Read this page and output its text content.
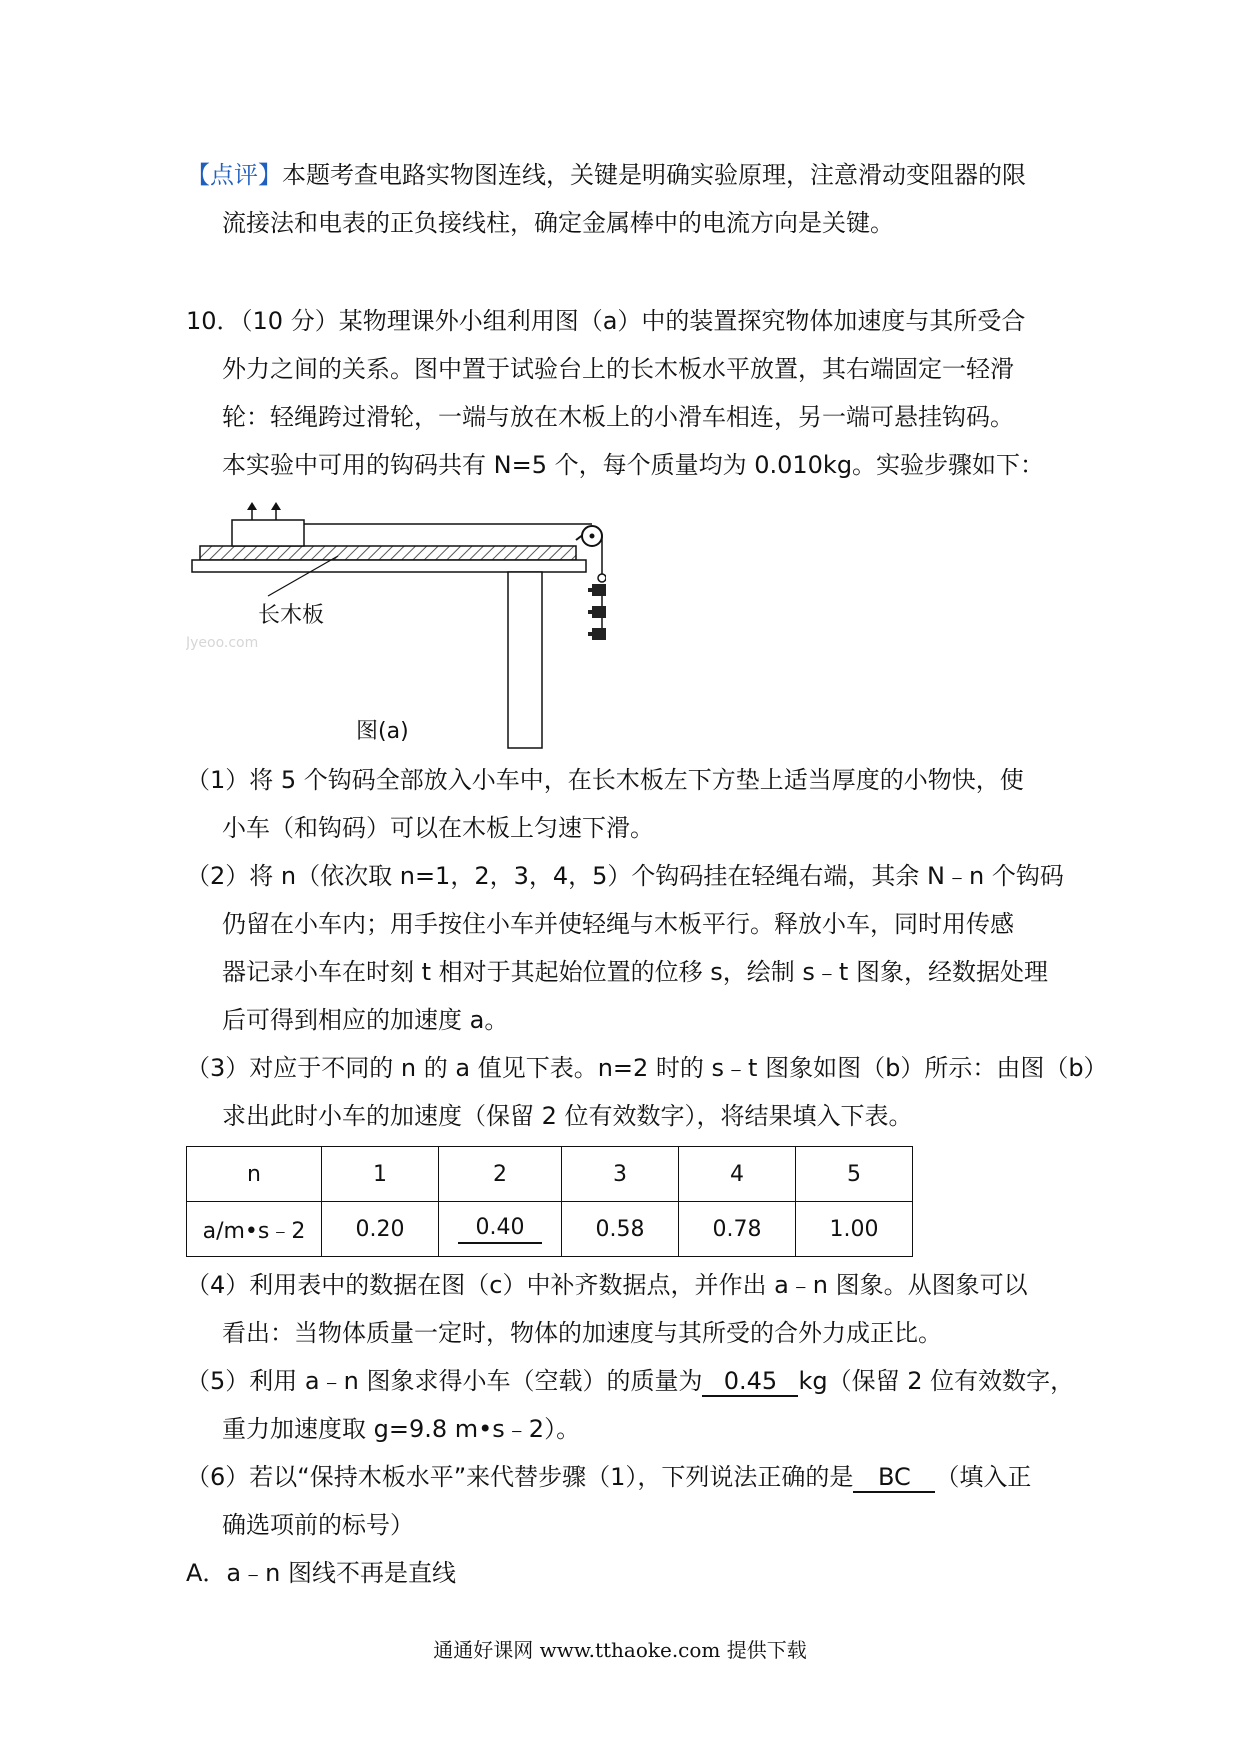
【点评】本题考查电路实物图连线，关键是明确实验原理，注意滑动变阻器的限
流接法和电表的正负接线柱，确定金属棒中的电流方向是关键。
10．（10 分）某物理课外小组利用图（a）中的装置探究物体加速度与其所受合
外力之间的关系。图中置于试验台上的长木板水平放置，其右端固定一轻滑
轮：轻绳跨过滑轮，一端与放在木板上的小滑车相连，另一端可悬挂钩码。
本实验中可用的钩码共有 N=5 个，每个质量均为 0.010kg。实验步骤如下：
长木板
Jyeoo.com
图(a)
（1）将 5 个钩码全部放入小车中，在长木板左下方垫上适当厚度的小物快，使
小车（和钩码）可以在木板上匀速下滑。
（2）将 n（依次取 n=1，2，3，4，5）个钩码挂在轻绳右端，其余 N﹣n 个钩码
仍留在小车内；用手按住小车并使轻绳与木板平行。释放小车，同时用传感
器记录小车在时刻 t 相对于其起始位置的位移 s，绘制 s﹣t 图象，经数据处理
后可得到相应的加速度 a。
（3）对应于不同的 n 的 a 值见下表。n=2 时的 s﹣t 图象如图（b）所示：由图（b）
求出此时小车的加速度（保留 2 位有效数字），将结果填入下表。
n	1	2	3	4	5
a/m•s﹣2	0.20	0.40	0.58	0.78	1.00
（4）利用表中的数据在图（c）中补齐数据点，并作出 a﹣n 图象。从图象可以
看出：当物体质量一定时，物体的加速度与其所受的合外力成正比。
（5）利用 a﹣n 图象求得小车（空载）的质量为 0.45 kg（保留 2 位有效数字，
重力加速度取 g=9.8 m•s﹣2）。
（6）若以“保持木板水平”来代替步骤（1），下列说法正确的是 BC （填入正
确选项前的标号）
A．a﹣n 图线不再是直线
通通好课网 www.tthaoke.com 提供下载
